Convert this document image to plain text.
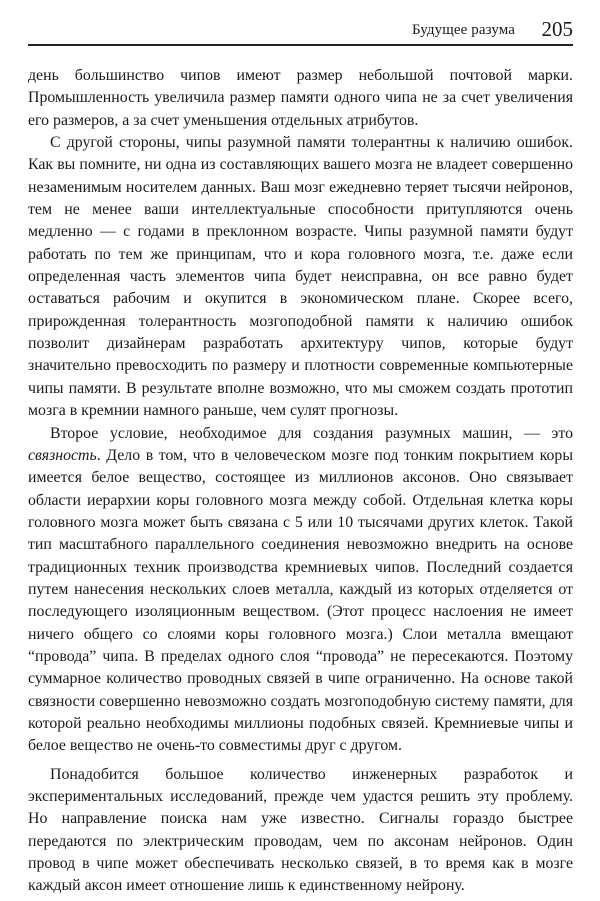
Будущее разума 205

день большинство чипов имеют размер небольшой почтовой марки. Промышленность увеличила размер памяти одного чипа не за счет увеличения его размеров, а за счет уменьшения отдельных атрибутов.

С другой стороны, чипы разумной памяти толерантны к наличию ошибок. Как вы помните, ни одна из составляющих вашего мозга не владеет совершенно незаменимым носителем данных. Ваш мозг ежедневно теряет тысячи нейронов, тем не менее ваши интеллектуальные способности притупляются очень медленно — с годами в преклонном возрасте. Чипы разумной памяти будут работать по тем же принципам, что и кора головного мозга, т.е. даже если определенная часть элементов чипа будет неисправна, он все равно будет оставаться рабочим и окупится в экономическом плане. Скорее всего, прирожденная толерантность мозгоподобной памяти к наличию ошибок позволит дизайнерам разработать архитектуру чипов, которые будут значительно превосходить по размеру и плотности современные компьютерные чипы памяти. В результате вполне возможно, что мы сможем создать прототип мозга в кремнии намного раньше, чем сулят прогнозы.

Второе условие, необходимое для создания разумных машин, — это связность. Дело в том, что в человеческом мозге под тонким покрытием коры имеется белое вещество, состоящее из миллионов аксонов. Оно связывает области иерархии коры головного мозга между собой. Отдельная клетка коры головного мозга может быть связана с 5 или 10 тысячами других клеток. Такой тип масштабного параллельного соединения невозможно внедрить на основе традиционных техник производства кремниевых чипов. Последний создается путем нанесения нескольких слоев металла, каждый из которых отделяется от последующего изоляционным веществом. (Этот процесс наслоения не имеет ничего общего со слоями коры головного мозга.) Слои металла вмещают “провода” чипа. В пределах одного слоя “провода” не пересекаются. Поэтому суммарное количество проводных связей в чипе ограниченно. На основе такой связности совершенно невозможно создать мозгоподобную систему памяти, для которой реально необходимы миллионы подобных связей. Кремниевые чипы и белое вещество не очень-то совместимы друг с другом.

Понадобится большое количество инженерных разработок и экспериментальных исследований, прежде чем удастся решить эту проблему. Но направление поиска нам уже известно. Сигналы гораздо быстрее передаются по электрическим проводам, чем по аксонам нейронов. Один провод в чипе может обеспечивать несколько связей, в то время как в мозге каждый аксон имеет отношение лишь к единственному нейрону.
